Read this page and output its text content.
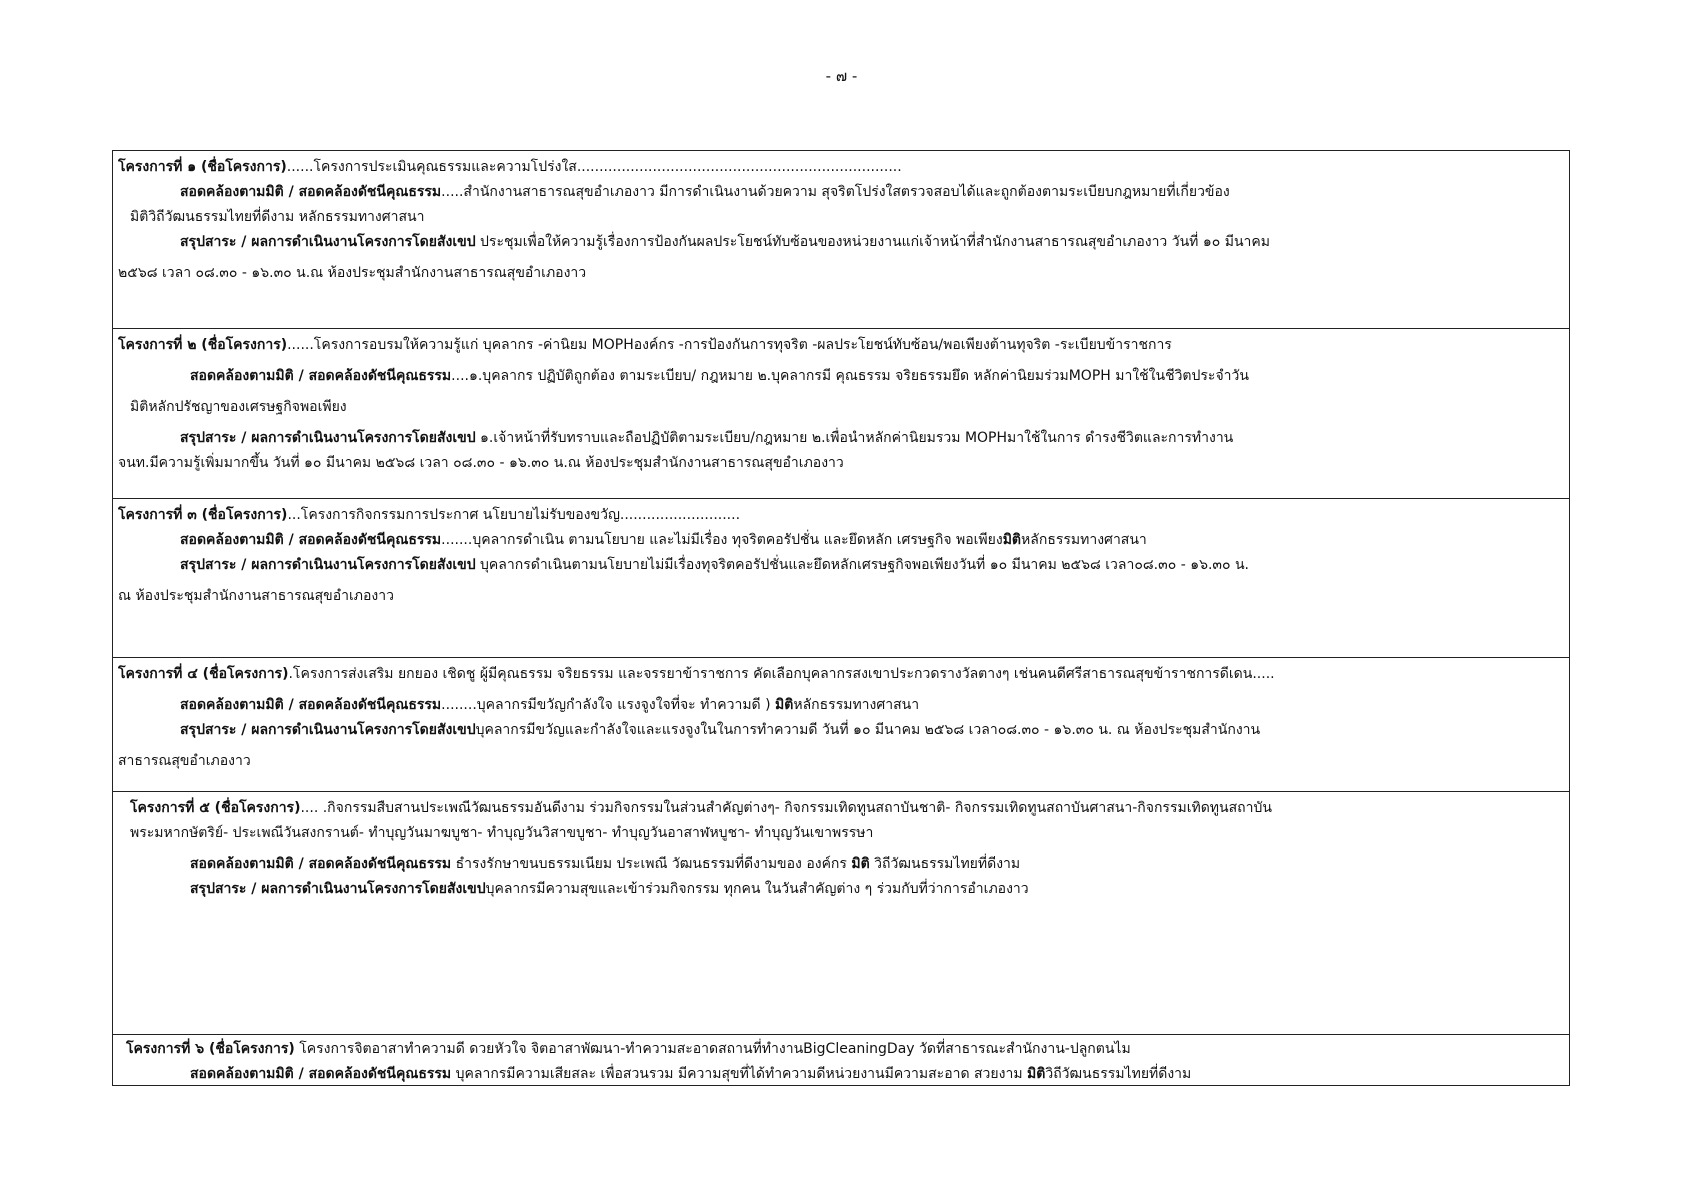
- ๗ -
โครงการที่ ๑ (ชื่อโครงการ)......โครงการประเมินคุณธรรมและความโปร่งใส.........................................................................
สอดคล้องตามมิติ / สอดคล้องดัชนีคุณธรรม.....สำนักงานสาธารณสุขอำเภองาว มีการดำเนินงานด้วยความ สุจริตโปร่งใสตรวจสอบได้และถูกต้องตามระเบียบกฎหมายที่เกี่ยวข้อง
มิติวิถีวัฒนธรรมไทยที่ดีงาม หลักธรรมทางศาสนา
สรุปสาระ / ผลการดำเนินงานโครงการโดยสังเขป ประชุมเพื่อให้ความรู้เรื่องการป้องกันผลประโยชน์ทับซ้อนของหน่วยงานแก่เจ้าหน้าที่สำนักงานสาธารณสุขอำเภองาว วันที่ ๑๐ มีนาคม
๒๕๖๘ เวลา ๐๘.๓๐ - ๑๖.๓๐ น.ณ ห้องประชุมสำนักงานสาธารณสุขอำเภองาว
โครงการที่ ๒ (ชื่อโครงการ)......โครงการอบรมให้ความรู้แก่ บุคลากร -ค่านิยม MOPHองค์กร -การป้องกันการทุจริต -ผลประโยชน์ทับซ้อน/พอเพียงต้านทุจริต -ระเบียบข้าราชการ
สอดคล้องตามมิติ / สอดคล้องดัชนีคุณธรรม....๑.บุคลากร ปฏิบัติถูกต้อง ตามระเบียบ/ กฎหมาย ๒.บุคลากรมี คุณธรรม จริยธรรมยึด หลักค่านิยมร่วมMOPH มาใช้ในชีวิตประจำวัน
มิติหลักปรัชญาของเศรษฐกิจพอเพียง
สรุปสาระ / ผลการดำเนินงานโครงการโดยสังเขป ๑.เจ้าหน้าที่รับทราบและถือปฏิบัติตามระเบียบ/กฎหมาย ๒.เพื่อนำหลักค่านิยมรวม MOPHมาใช้ในการ ดำรงชีวิตและการทำงาน
จนท.มีความรู้เพิ่มมากขึ้น วันที่ ๑๐ มีนาคม ๒๕๖๘ เวลา ๐๘.๓๐ - ๑๖.๓๐ น.ณ ห้องประชุมสำนักงานสาธารณสุขอำเภองาว
โครงการที่ ๓ (ชื่อโครงการ)...โครงการกิจกรรมการประกาศ นโยบายไม่รับของขวัญ...........................
สอดคล้องตามมิติ / สอดคล้องดัชนีคุณธรรม.......บุคลากรดำเนิน ตามนโยบาย และไม่มีเรื่อง ทุจริตคอรัปชั่น และยึดหลัก เศรษฐกิจ พอเพียงมิติหลักธรรมทางศาสนา
สรุปสาระ / ผลการดำเนินงานโครงการโดยสังเขป บุคลากรดำเนินตามนโยบายไม่มีเรื่องทุจริตคอรัปชั่นและยึดหลักเศรษฐกิจพอเพียงวันที่ ๑๐ มีนาคม ๒๕๖๘ เวลา๐๘.๓๐ - ๑๖.๓๐ น.
ณ ห้องประชุมสำนักงานสาธารณสุขอำเภองาว
โครงการที่ ๔ (ชื่อโครงการ).โครงการส่งเสริม ยกยอง เชิดชู ผู้มีคุณธรรม จริยธรรม และจรรยาข้าราชการ คัดเลือกบุคลากรสงเขาประกวดรางวัลตางๆ เช่นคนดีศรีสาธารณสุขข้าราชการดีเดน.....
สอดคล้องตามมิติ / สอดคล้องดัชนีคุณธรรม........บุคลากรมีขวัญกำลังใจ แรงจูงใจที่จะ ทำความดี ) มิติหลักธรรมทางศาสนา
สรุปสาระ / ผลการดำเนินงานโครงการโดยสังเขปบุคลากรมีขวัญและกำลังใจและแรงจูงในในการทำความดี วันที่ ๑๐ มีนาคม ๒๕๖๘ เวลา๐๘.๓๐ - ๑๖.๓๐ น. ณ ห้องประชุมสำนักงาน
สาธารณสุขอำเภองาว
โครงการที่ ๕ (ชื่อโครงการ).... .กิจกรรมสืบสานประเพณีวัฒนธรรมอันดีงาม ร่วมกิจกรรมในส่วนสำคัญต่างๆ- กิจกรรมเทิดทูนสถาบันชาติ- กิจกรรมเทิดทูนสถาบันศาสนา-กิจกรรมเทิดทูนสถาบัน
พระมหากษัตริย์- ประเพณีวันสงกรานต์- ทำบุญวันมาฆบูชา- ทำบุญวันวิสาขบูชา- ทำบุญวันอาสาฬหบูชา- ทำบุญวันเขาพรรษา
สอดคล้องตามมิติ / สอดคล้องดัชนีคุณธรรม ธำรงรักษาขนบธรรมเนียม ประเพณี วัฒนธรรมที่ดีงามของ องค์กร มิติ วิถีวัฒนธรรมไทยที่ดีงาม
สรุปสาระ / ผลการดำเนินงานโครงการโดยสังเขปบุคลากรมีความสุขและเข้าร่วมกิจกรรม ทุกคน ในวันสำคัญต่าง ๆ ร่วมกับที่ว่าการอำเภองาว
โครงการที่ ๖ (ชื่อโครงการ) โครงการจิตอาสาทำความดี ดวยหัวใจ จิตอาสาพัฒนา-ทำความสะอาดสถานที่ทำงานBigCleaningDay วัดที่สาธารณะสำนักงาน-ปลูกตนไม
สอดคล้องตามมิติ / สอดคล้องดัชนีคุณธรรม บุคลากรมีความเสียสละ เพื่อสวนรวม มีความสุขที่ได้ทำความดีหน่วยงานมีความสะอาด สวยงาม มิติวิถีวัฒนธรรมไทยที่ดีงาม
